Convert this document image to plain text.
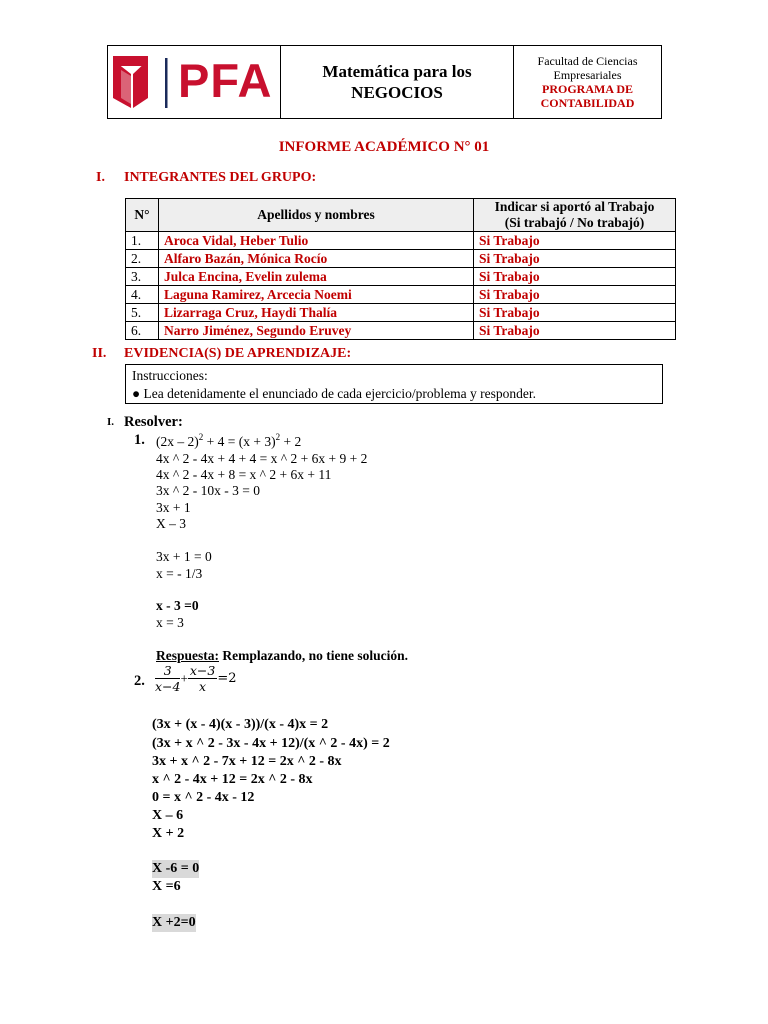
PFA	Matemática para los
NEGOCIOS
Facultad de Ciencias
Empresariales
PROGRAMA DE
CONTABILIDAD
INFORME ACADÉMICO N° 01
I. INTEGRANTES DEL GRUPO:
N°	Apellidos y nombres	Indicar si aportó al Trabajo
(Si trabajó / No trabajó)

1.	Aroca Vidal, Heber Tulio	Si Trabajo
2.	Alfaro Bazán, Mónica Rocío	Si Trabajo
3.	Julca Encina, Evelin zulema	Si Trabajo
4.	Laguna Ramirez, Arcecia Noemi	Si Trabajo
5.	Lizarraga Cruz, Haydi Thalía	Si Trabajo
6.	Narro Jiménez, Segundo Eruvey	Si Trabajo
II. EVIDENCIA(S) DE APRENDIZAJE:
Instrucciones:
● Lea detenidamente el enunciado de cada ejercicio/problema y responder.
I. Resolver:
1. $(2x - 2)^2 + 4 = (x + 3)^2 + 2$
4x ^ 2 - 4x + 4 + 4 = x ^ 2 + 6x + 9 + 2
4x ^ 2 - 4x + 8 = x ^ 2 + 6x + 11
3x ^ 2 - 10x - 3 = 0
3x + 1
X – 3
3x + 1 = 0
x = - 1/3
x - 3 =0
x = 3
Respuesta: Remplazando, no tiene solución.
2. $\frac{3}{x-4} + \frac{x-3}{x} =2$
(3x + (x - 4)(x - 3))/(x - 4)x = 2
(3x + x ^ 2 - 3x - 4x + 12)/(x ^ 2 - 4x) = 2
3x + x ^ 2 - 7x + 12 = 2x ^ 2 - 8x
x ^ 2 - 4x + 12 = 2x ^ 2 - 8x
0 = x ^ 2 - 4x - 12
X – 6
X + 2
X -6 = 0
X =6
X +2=0
